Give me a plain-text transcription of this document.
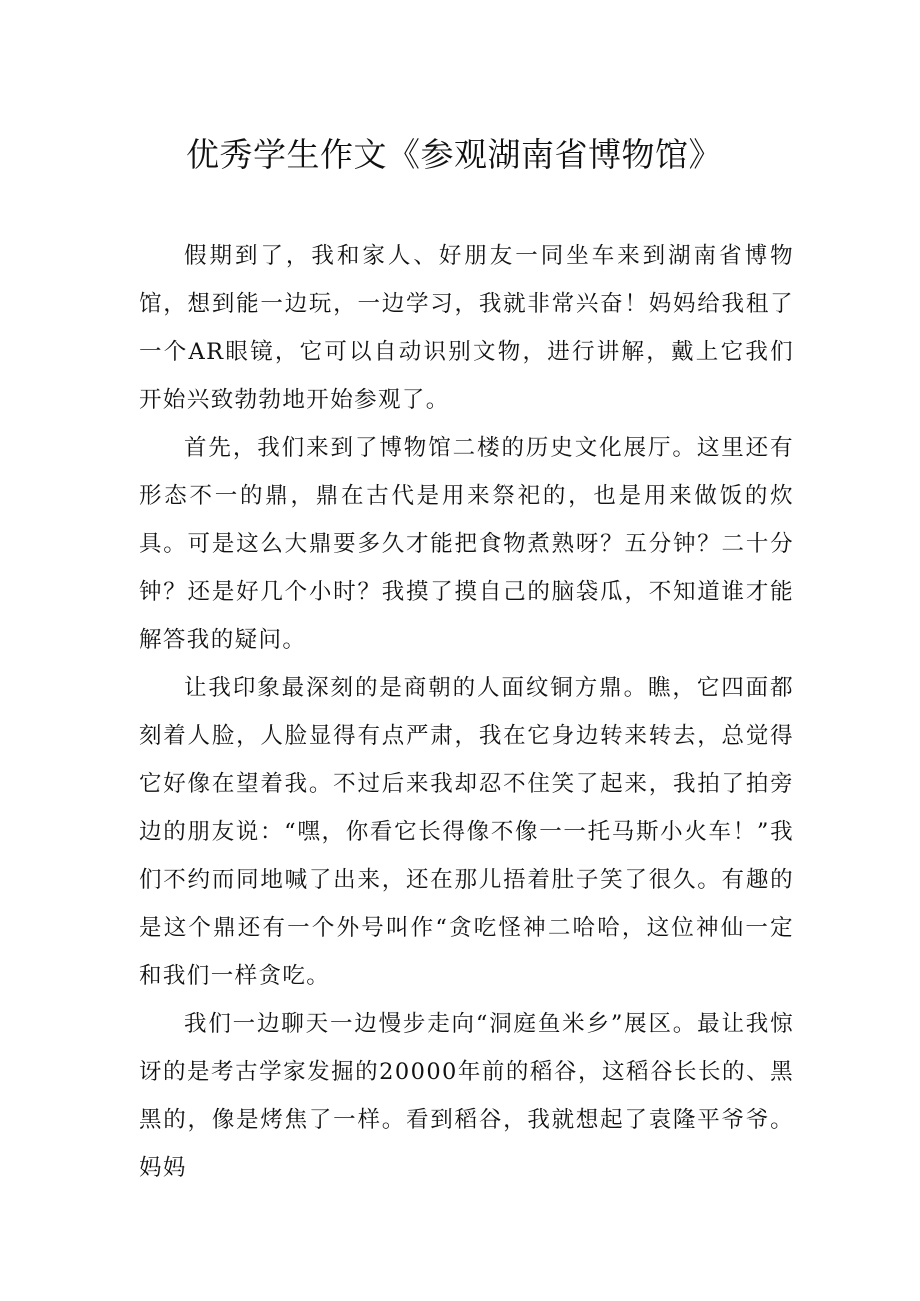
优秀学生作文《参观湖南省博物馆》

假期到了，我和家人、好朋友一同坐车来到湖南省博物馆，想到能一边玩，一边学习，我就非常兴奋！妈妈给我租了一个AR眼镜，它可以自动识别文物，进行讲解，戴上它我们开始兴致勃勃地开始参观了。

首先，我们来到了博物馆二楼的历史文化展厅。这里还有形态不一的鼎，鼎在古代是用来祭祀的，也是用来做饭的炊具。可是这么大鼎要多久才能把食物煮熟呀？五分钟？二十分钟？还是好几个小时？我摸了摸自己的脑袋瓜，不知道谁才能解答我的疑问。

让我印象最深刻的是商朝的人面纹铜方鼎。瞧，它四面都刻着人脸，人脸显得有点严肃，我在它身边转来转去，总觉得它好像在望着我。不过后来我却忍不住笑了起来，我拍了拍旁边的朋友说：“嘿，你看它长得像不像一一托马斯小火车！”我们不约而同地喊了出来，还在那儿捂着肚子笑了很久。有趣的是这个鼎还有一个外号叫作“贪吃怪神二哈哈，这位神仙一定和我们一样贪吃。

我们一边聊天一边慢步走向“洞庭鱼米乡”展区。最让我惊讶的是考古学家发掘的20000年前的稻谷，这稻谷长长的、黑黑的，像是烤焦了一样。看到稻谷，我就想起了袁隆平爷爷。妈妈
